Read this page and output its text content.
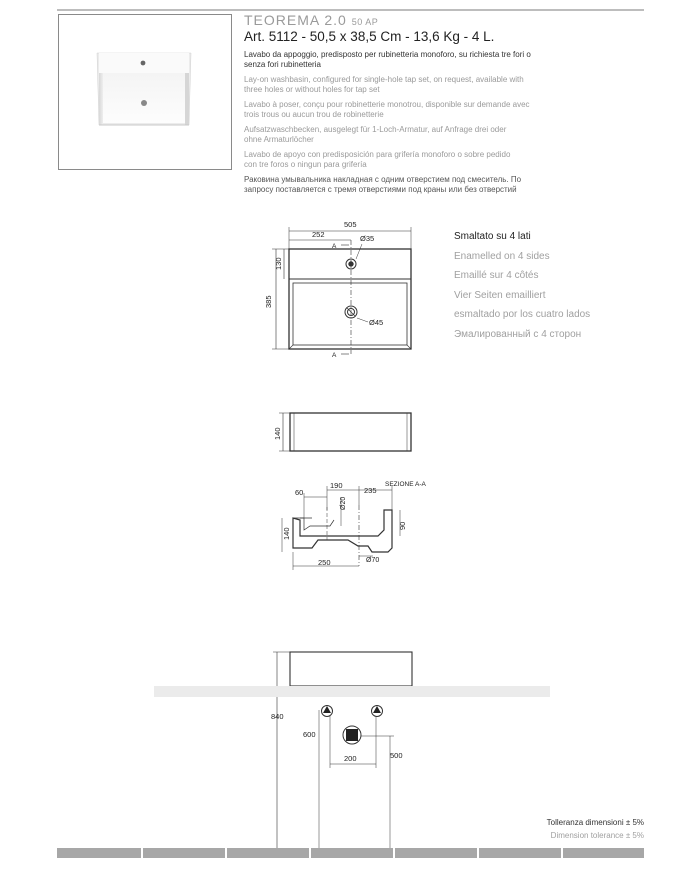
TEOREMA 2.0 50 AP
Art. 5112 - 50,5 x 38,5 Cm - 13,6 Kg - 4 L.

Lavabo da appoggio, predisposto per rubinetteria monoforo, su richiesta tre fori o senza fori rubinetteria

Lay-on washbasin, configured for single-hole tap set, on request, available with three holes or without holes for tap set

Lavabo à poser, conçu pour robinetterie monotrou, disponible sur demande avec trois trous ou aucun trou de robinetterie

Aufsatzwaschbecken, ausgelegt für 1-Loch-Armatur, auf Anfrage drei oder ohne Armaturlöcher

Lavabo de apoyo con predisposición para grifería monoforo o sobre pedido con tre foros o ningun para grifería

Раковина умывальника накладная с одним отверстием под смеситель. По запросу поставляется с тремя отверстиями под краны или без отверстий

Smaltato su 4 lati
Enamelled on 4 sides
Emaillé sur 4 côtés
Vier Seiten emailliert
esmaltado por los cuatro lados
Эмалированный с 4 сторон
505
252	Ø35
A
A
Ø45
130
385
140
SEZIONE A-A
60
190
235
Ø20
140
90
Ø70
250
840
600
200	500
Tolleranza dimensioni ± 5%
Dimension tolerance ± 5%
